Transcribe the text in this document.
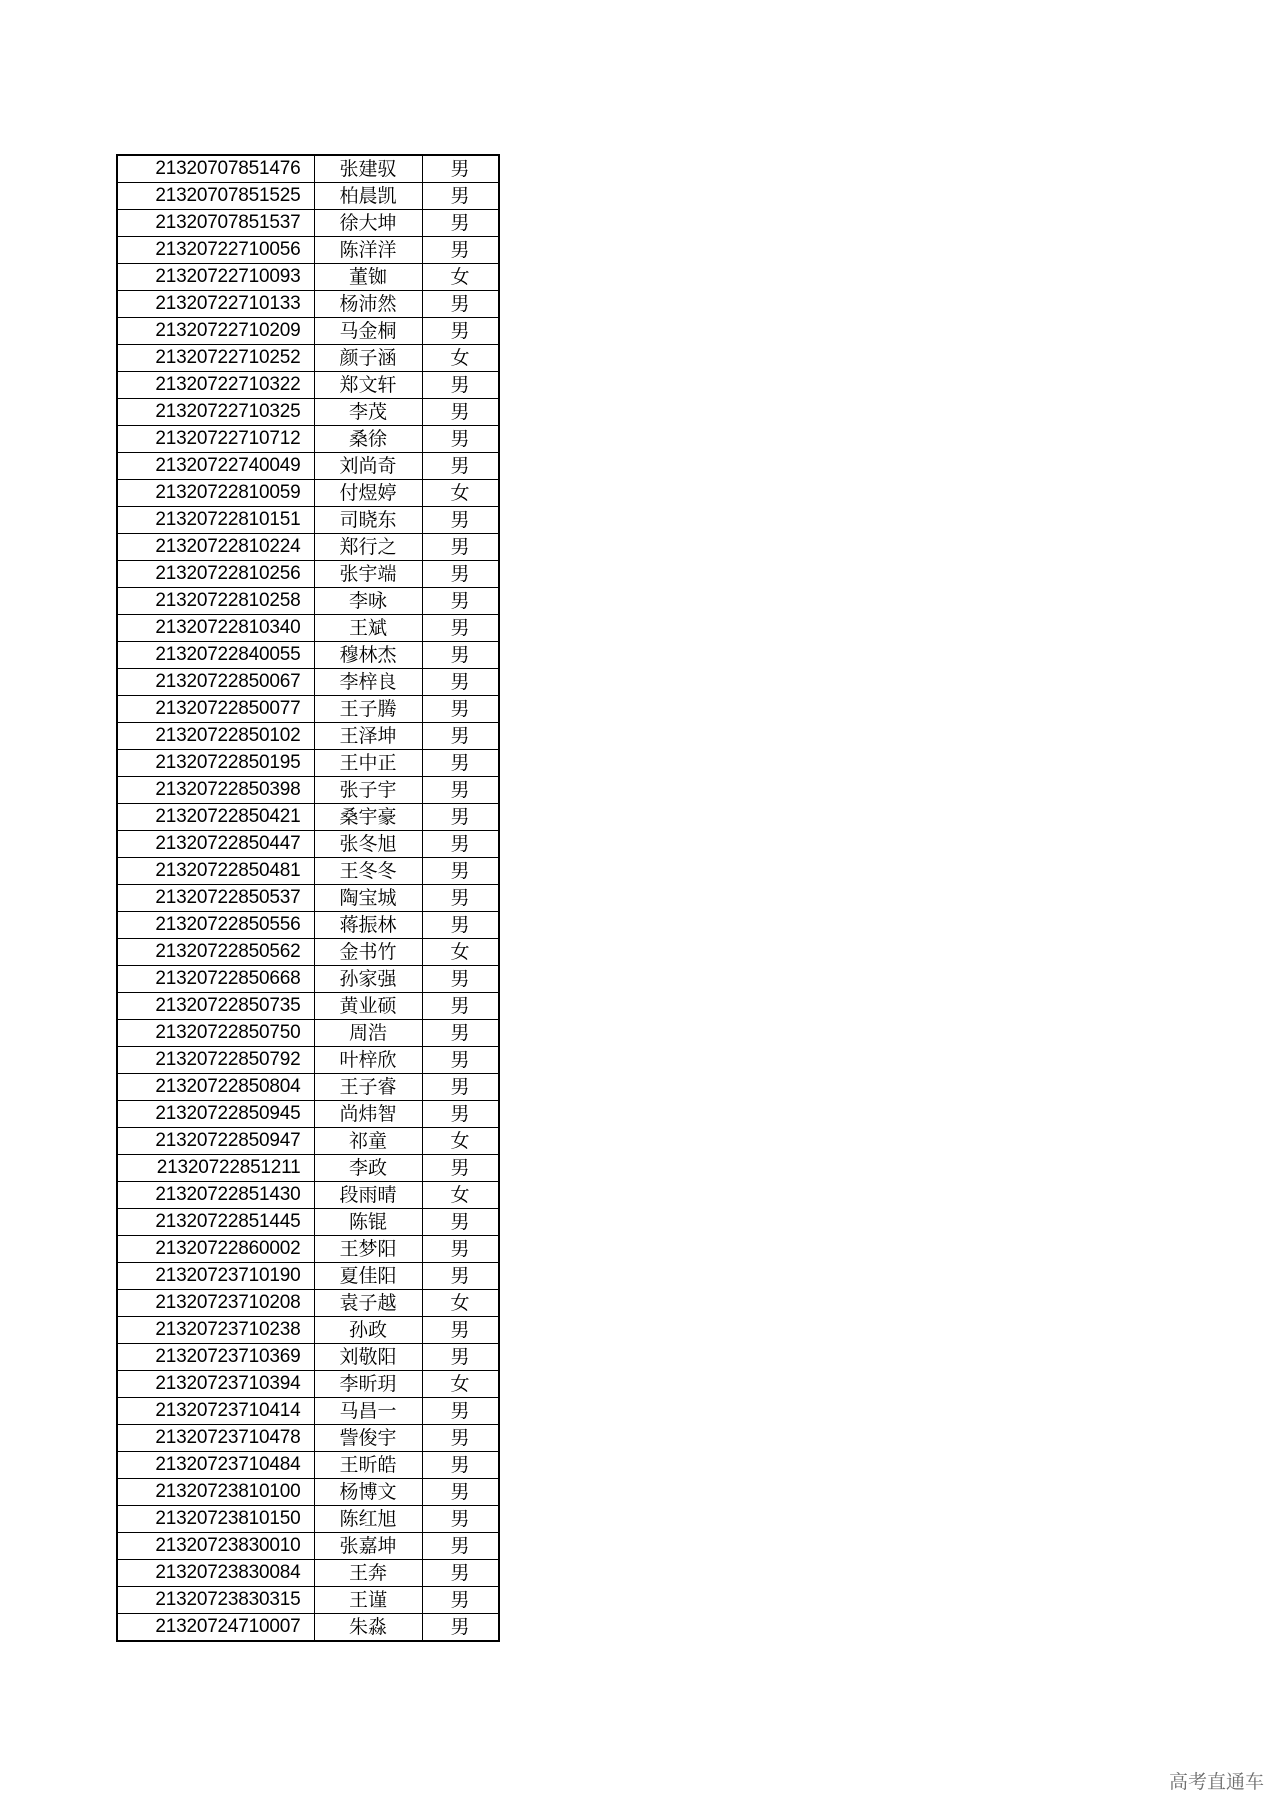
21320707851476	张建驭	男
21320707851525	柏晨凯	男
21320707851537	徐大坤	男
21320722710056	陈洋洋	男
21320722710093	董铷	女
21320722710133	杨沛然	男
21320722710209	马金桐	男
21320722710252	颜子涵	女
21320722710322	郑文轩	男
21320722710325	李茂	男
21320722710712	桑徐	男
21320722740049	刘尚奇	男
21320722810059	付煜婷	女
21320722810151	司晓东	男
21320722810224	郑行之	男
21320722810256	张宇端	男
21320722810258	李咏	男
21320722810340	王斌	男
21320722840055	穆林杰	男
21320722850067	李梓良	男
21320722850077	王子腾	男
21320722850102	王泽坤	男
21320722850195	王中正	男
21320722850398	张子宇	男
21320722850421	桑宇豪	男
21320722850447	张冬旭	男
21320722850481	王冬冬	男
21320722850537	陶宝城	男
21320722850556	蒋振林	男
21320722850562	金书竹	女
21320722850668	孙家强	男
21320722850735	黄业硕	男
21320722850750	周浩	男
21320722850792	叶梓欣	男
21320722850804	王子睿	男
21320722850945	尚炜智	男
21320722850947	祁童	女
21320722851211	李政	男
21320722851430	段雨晴	女
21320722851445	陈锟	男
21320722860002	王梦阳	男
21320723710190	夏佳阳	男
21320723710208	袁子越	女
21320723710238	孙政	男
21320723710369	刘敬阳	男
21320723710394	李昕玥	女
21320723710414	马昌一	男
21320723710478	訾俊宇	男
21320723710484	王昕皓	男
21320723810100	杨博文	男
21320723810150	陈红旭	男
21320723830010	张嘉坤	男
21320723830084	王奔	男
21320723830315	王谨	男
21320724710007	朱淼	男
高考直通车
